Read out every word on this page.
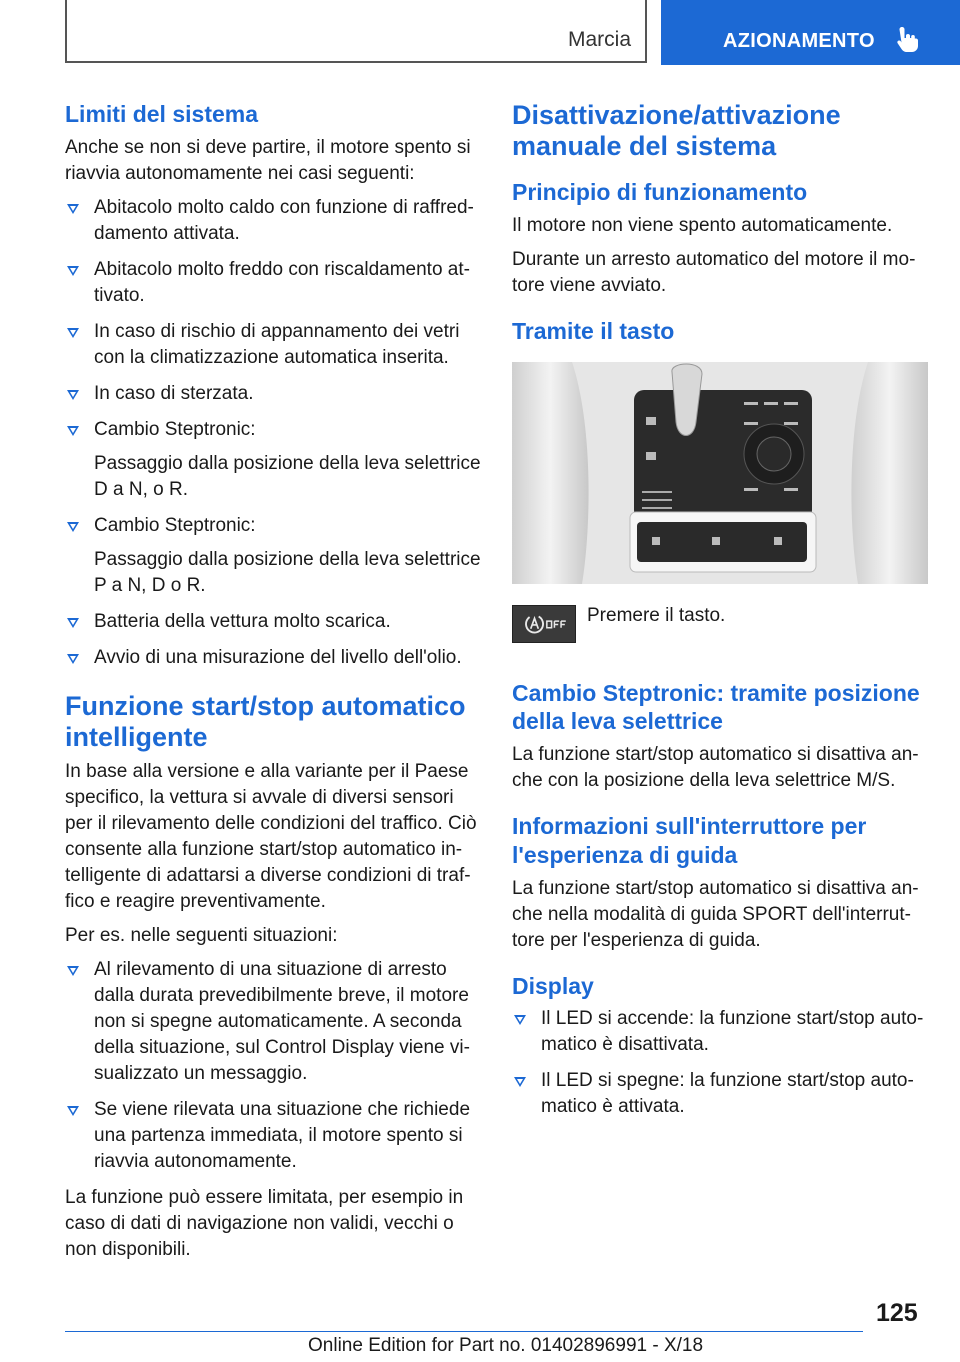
Marcia	AZIONAMENTO
Limiti del sistema

Anche se non si deve partire, il motore spento si riavvia autonomamente nei casi seguenti:

Abitacolo molto caldo con funzione di raffred-damento attivata.
Abitacolo molto freddo con riscaldamento at-tivato.
In caso di rischio di appannamento dei vetri con la climatizzazione automatica inserita.
In caso di sterzata.
Cambio Steptronic:
Passaggio dalla posizione della leva selettrice D a N, o R.
Cambio Steptronic:
Passaggio dalla posizione della leva selettrice P a N, D o R.
Batteria della vettura molto scarica.
Avvio di una misurazione del livello dell'olio.
Funzione start/stop automatico intelligente

In base alla versione e alla variante per il Paese specifico, la vettura si avvale di diversi sensori per il rilevamento delle condizioni del traffico. Ciò consente alla funzione start/stop automatico in-telligente di adattarsi a diverse condizioni di traf-fico e reagire preventivamente.

Per es. nelle seguenti situazioni:

Al rilevamento di una situazione di arresto dalla durata prevedibilmente breve, il motore non si spegne automaticamente. A seconda della situazione, sul Control Display viene vi-sualizzato un messaggio.
Se viene rilevata una situazione che richiede una partenza immediata, il motore spento si riavvia autonomamente.

La funzione può essere limitata, per esempio in caso di dati di navigazione non validi, vecchi o non disponibili.

Disattivazione/attivazione manuale del sistema
Principio di funzionamento

Il motore non viene spento automaticamente.

Durante un arresto automatico del motore il mo-tore viene avviato.

Tramite il tasto
Premere il tasto.
Cambio Steptronic: tramite posizione della leva selettrice

La funzione start/stop automatico si disattiva an-che con la posizione della leva selettrice M/S.

Informazioni sull'interruttore per l'esperienza di guida

La funzione start/stop automatico si disattiva an-che nella modalità di guida SPORT dell'interrut-tore per l'esperienza di guida.

Display
Il LED si accende: la funzione start/stop auto-matico è disattivata.
Il LED si spegne: la funzione start/stop auto-matico è attivata.
125
Online Edition for Part no. 01402896991 - X/18
